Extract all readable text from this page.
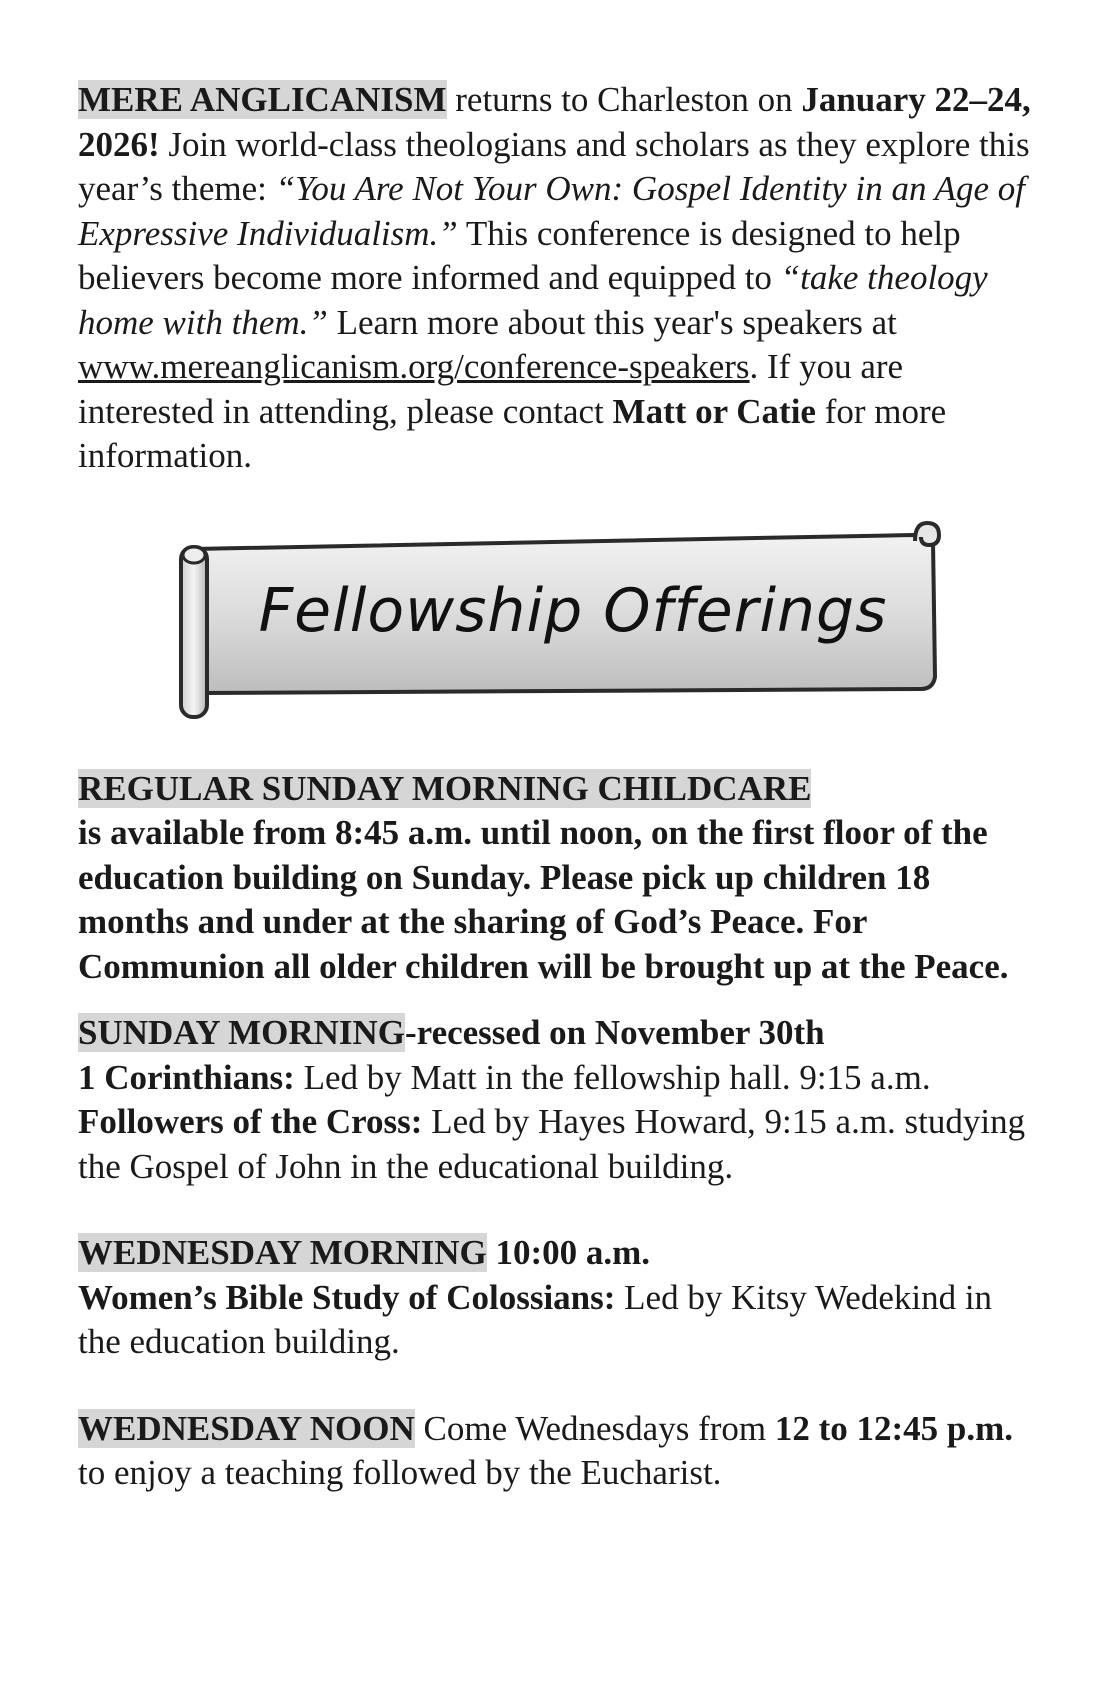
MERE ANGLICANISM returns to Charleston on January 22–24, 2026! Join world-class theologians and scholars as they explore this year’s theme: “You Are Not Your Own: Gospel Identity in an Age of Expressive Individualism.” This conference is designed to help believers become more informed and equipped to “take theology home with them.” Learn more about this year's speakers at www.mereanglicanism.org/conference-speakers. If you are interested in attending, please contact Matt or Catie for more information.

Fellowship Offerings

REGULAR SUNDAY MORNING CHILDCARE
is available from 8:45 a.m. until noon, on the first floor of the education building on Sunday. Please pick up children 18 months and under at the sharing of God’s Peace. For Communion all older children will be brought up at the Peace.

SUNDAY MORNING-recessed on November 30th
1 Corinthians: Led by Matt in the fellowship hall. 9:15 a.m.
Followers of the Cross: Led by Hayes Howard, 9:15 a.m. studying the Gospel of John in the educational building.

WEDNESDAY MORNING 10:00 a.m.
Women’s Bible Study of Colossians: Led by Kitsy Wedekind in the education building.

WEDNESDAY NOON Come Wednesdays from 12 to 12:45 p.m. to enjoy a teaching followed by the Eucharist.
